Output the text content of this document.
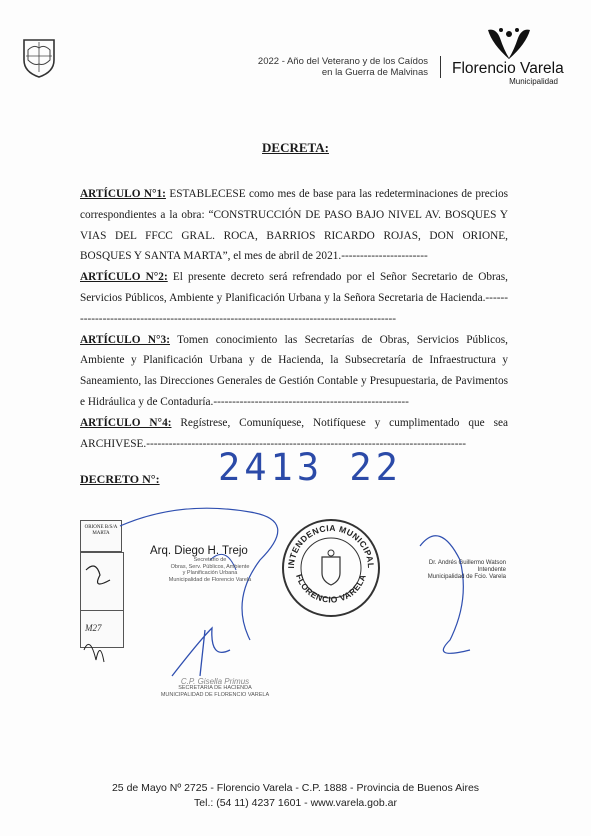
2022 - Año del Veterano y de los Caídos
en la Guerra de Malvinas Florencio Varela
Municipalidad
DECRETA:

ARTÍCULO N°1: ESTABLECESE como mes de base para las redeterminaciones de precios correspondientes a la obra: “CONSTRUCCIÓN DE PASO BAJO NIVEL AV. BOSQUES Y VIAS DEL FFCC GRAL. ROCA, BARRIOS RICARDO ROJAS, DON ORIONE, BOSQUES Y SANTA MARTA”, el mes de abril de 2021.-----------------------

ARTÍCULO N°2: El presente decreto será refrendado por el Señor Secretario de Obras, Servicios Públicos, Ambiente y Planificación Urbana y la Señora Secretaria de Hacienda.------------------------------------------------------------------------------------------

ARTÍCULO N°3: Tomen conocimiento las Secretarías de Obras, Servicios Públicos, Ambiente y Planificación Urbana y de Hacienda, la Subsecretaría de Infraestructura y Saneamiento, las Direcciones Generales de Gestión Contable y Presupuestaria, de Pavimentos e Hidráulica y de Contaduría.----------------------------------------------------

ARTÍCULO N°4: Regístrese, Comuníquese, Notifíquese y cumplimentado que sea ARCHIVESE.-------------------------------------------------------------------------------------

DECRETO N°: 2413 22
ORIONE B/S/A MARTA
M27
Arq. Diego H. Trejo
Secretario de
Obras, Serv. Públicos, Ambiente
y Planificación Urbana
Municipalidad de Florencio Varela
INTENDENCIA MUNICIPAL
FLORENCIO VARELA
Dr. Andrés Guillermo Watson
Intendente
Municipalidad de Fcio. Varela
C.P. Gisella Primus
SECRETARIA DE HACIENDA
MUNICIPALIDAD DE FLORENCIO VARELA
25 de Mayo Nº 2725 - Florencio Varela - C.P. 1888 - Provincia de Buenos Aires
Tel.: (54 11) 4237 1601 - www.varela.gob.ar
